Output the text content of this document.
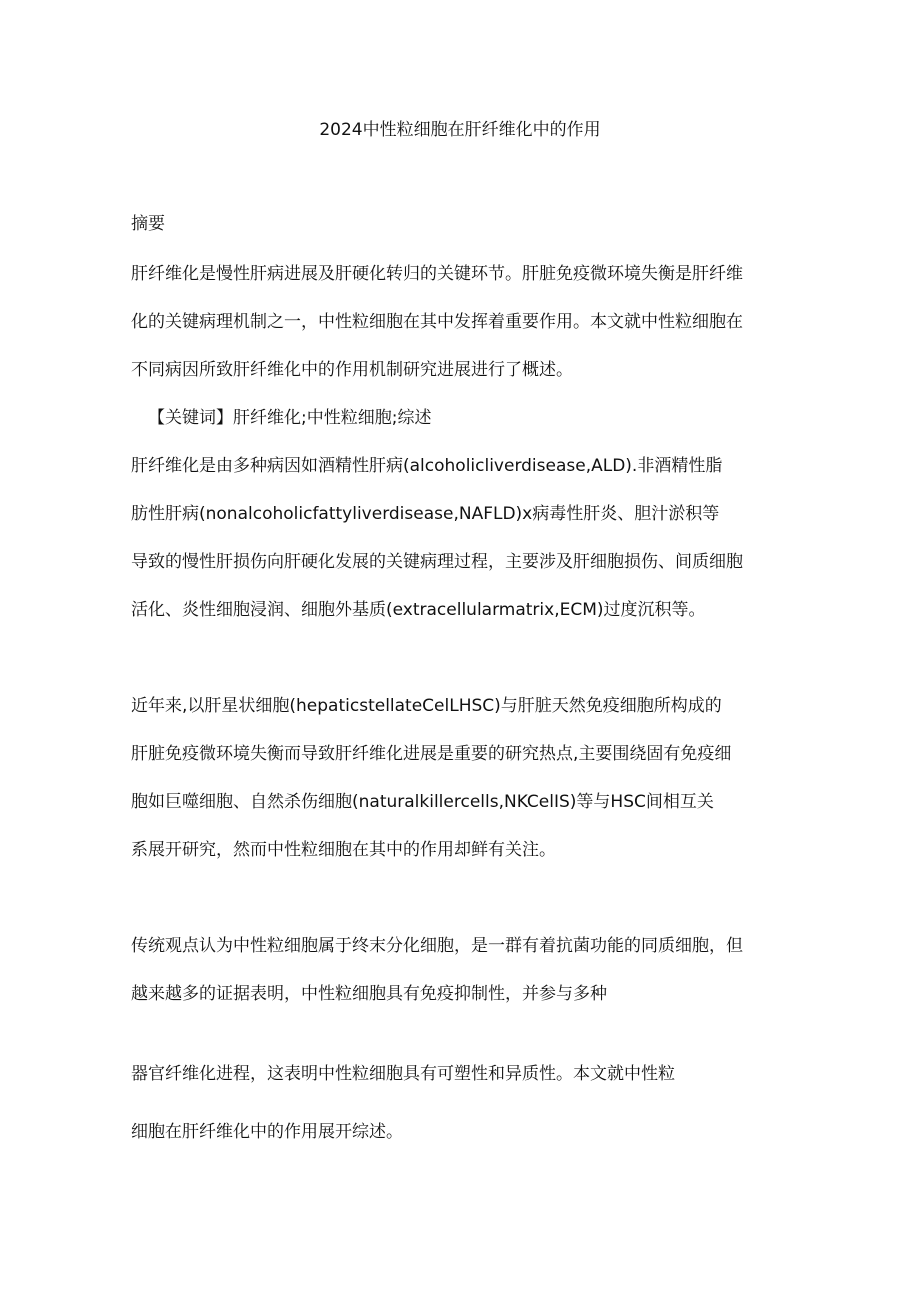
2024中性粒细胞在肝纤维化中的作用
摘要
肝纤维化是慢性肝病进展及肝硬化转归的关键环节。肝脏免疫微环境失衡是肝纤维
化的关键病理机制之一，中性粒细胞在其中发挥着重要作用。本文就中性粒细胞在
不同病因所致肝纤维化中的作用机制研究进展进行了概述。
【关键词】肝纤维化;中性粒细胞;综述
肝纤维化是由多种病因如酒精性肝病(alcoholicliverdisease,ALD).非酒精性脂
肪性肝病(nonalcoholicfattyliverdisease,NAFLD)x病毒性肝炎、胆汁淤积等
导致的慢性肝损伤向肝硬化发展的关键病理过程，主要涉及肝细胞损伤、间质细胞
活化、炎性细胞浸润、细胞外基质(extracellularmatrix,ECM)过度沉积等。
近年来,以肝星状细胞(hepaticstellateCelLHSC)与肝脏天然免疫细胞所构成的
肝脏免疫微环境失衡而导致肝纤维化进展是重要的研究热点,主要围绕固有免疫细
胞如巨噬细胞、自然杀伤细胞(naturalkillercells,NKCelIS)等与HSC间相互关
系展开研究，然而中性粒细胞在其中的作用却鲜有关注。
传统观点认为中性粒细胞属于终末分化细胞，是一群有着抗菌功能的同质细胞，但
越来越多的证据表明，中性粒细胞具有免疫抑制性，并参与多种
器官纤维化进程，这表明中性粒细胞具有可塑性和异质性。本文就中性粒
细胞在肝纤维化中的作用展开综述。
